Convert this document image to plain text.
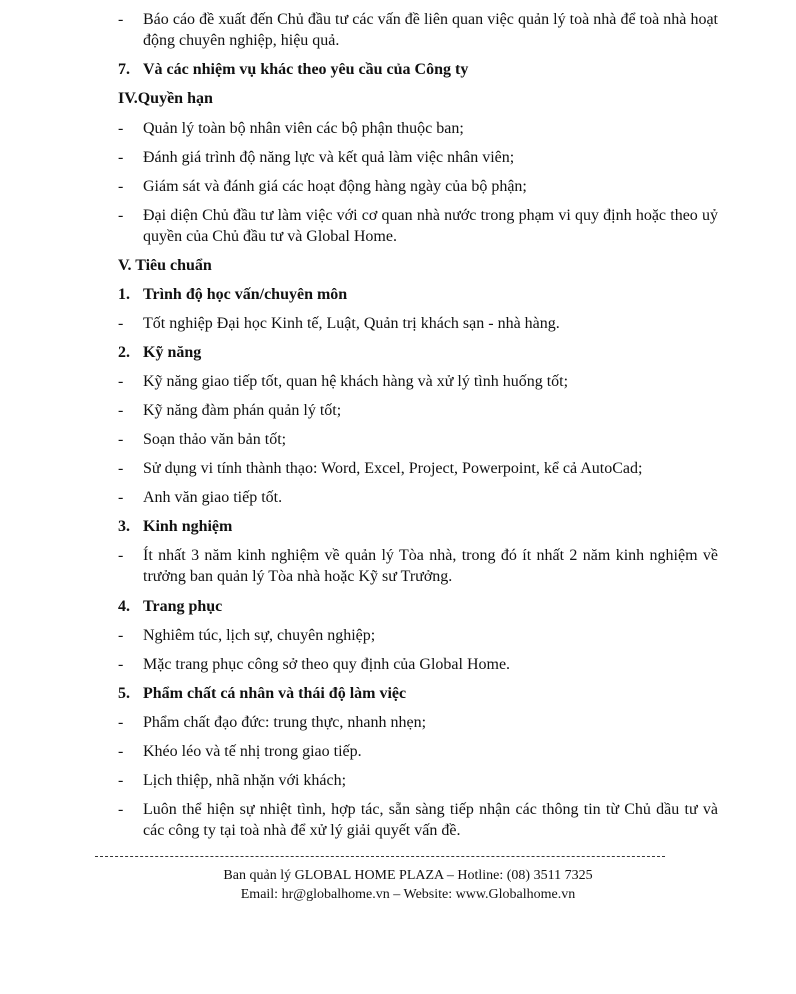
- Báo cáo đề xuất đến Chủ đầu tư các vấn đề liên quan việc quản lý toà nhà để toà nhà hoạt động chuyên nghiệp, hiệu quả.
7. Và các nhiệm vụ khác theo yêu cầu của Công ty
IV.Quyền hạn
- Quản lý toàn bộ nhân viên các bộ phận thuộc ban;
- Đánh giá trình độ năng lực và kết quả làm việc nhân viên;
- Giám sát và đánh giá các hoạt động hàng ngày của bộ phận;
- Đại diện Chủ đầu tư làm việc với cơ quan nhà nước trong phạm vi quy định hoặc theo uỷ quyền của Chủ đầu tư và Global Home.
V. Tiêu chuẩn
1. Trình độ học vấn/chuyên môn
- Tốt nghiệp Đại học Kinh tế, Luật, Quản trị khách sạn - nhà hàng.
2. Kỹ năng
- Kỹ năng giao tiếp tốt, quan hệ khách hàng và xử lý tình huống tốt;
- Kỹ năng đàm phán quản lý tốt;
- Soạn thảo văn bản tốt;
- Sử dụng vi tính thành thạo: Word, Excel, Project, Powerpoint, kể cả AutoCad;
- Anh văn giao tiếp tốt.
3. Kinh nghiệm
- Ít nhất 3 năm kinh nghiệm về quản lý Tòa nhà, trong đó ít nhất 2 năm kinh nghiệm về trưởng ban quản lý Tòa nhà hoặc Kỹ sư Trưởng.
4. Trang phục
- Nghiêm túc, lịch sự, chuyên nghiệp;
- Mặc trang phục công sở theo quy định của Global Home.
5. Phẩm chất cá nhân và thái độ làm việc
- Phẩm chất đạo đức: trung thực, nhanh nhẹn;
- Khéo léo và tế nhị trong giao tiếp.
- Lịch thiệp, nhã nhặn với khách;
- Luôn thể hiện sự nhiệt tình, hợp tác, sẵn sàng tiếp nhận các thông tin từ Chủ dầu tư và các công ty tại toà nhà để xử lý giải quyết vấn đề.
Ban quản lý GLOBAL HOME PLAZA – Hotline: (08) 3511 7325
Email: hr@globalhome.vn – Website: www.Globalhome.vn
